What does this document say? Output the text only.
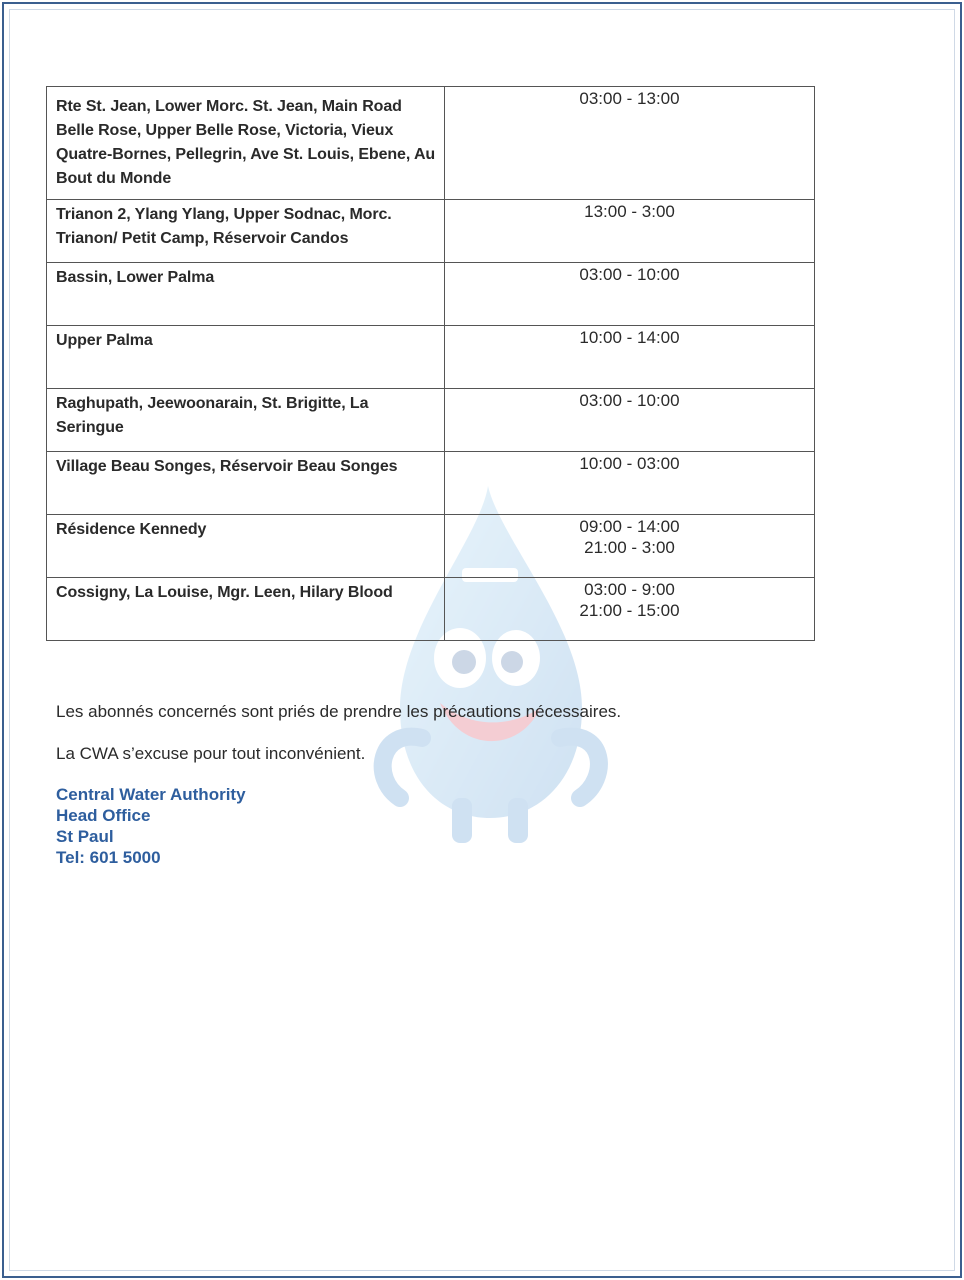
Rte St. Jean, Lower Morc. St. Jean, Main Road Belle Rose, Upper Belle Rose, Victoria, Vieux Quatre-Bornes, Pellegrin, Ave St. Louis, Ebene, Au Bout du Monde	03:00 - 13:00

Trianon 2, Ylang Ylang, Upper Sodnac, Morc. Trianon/ Petit Camp, Réservoir Candos	13:00 - 3:00

Bassin, Lower Palma	03:00 - 10:00

Upper Palma	10:00 - 14:00

Raghupath, Jeewoonarain, St. Brigitte, La Seringue	03:00 - 10:00

Village Beau Songes, Réservoir Beau Songes	10:00 - 03:00

Résidence Kennedy	09:00 - 14:00
21:00 - 3:00

Cossigny, La Louise, Mgr. Leen, Hilary Blood	03:00 - 9:00
21:00 - 15:00
Les abonnés concernés sont priés de prendre les précautions nécessaires.
La CWA s’excuse pour tout inconvénient.
Central Water Authority
Head Office
St Paul
Tel: 601 5000
